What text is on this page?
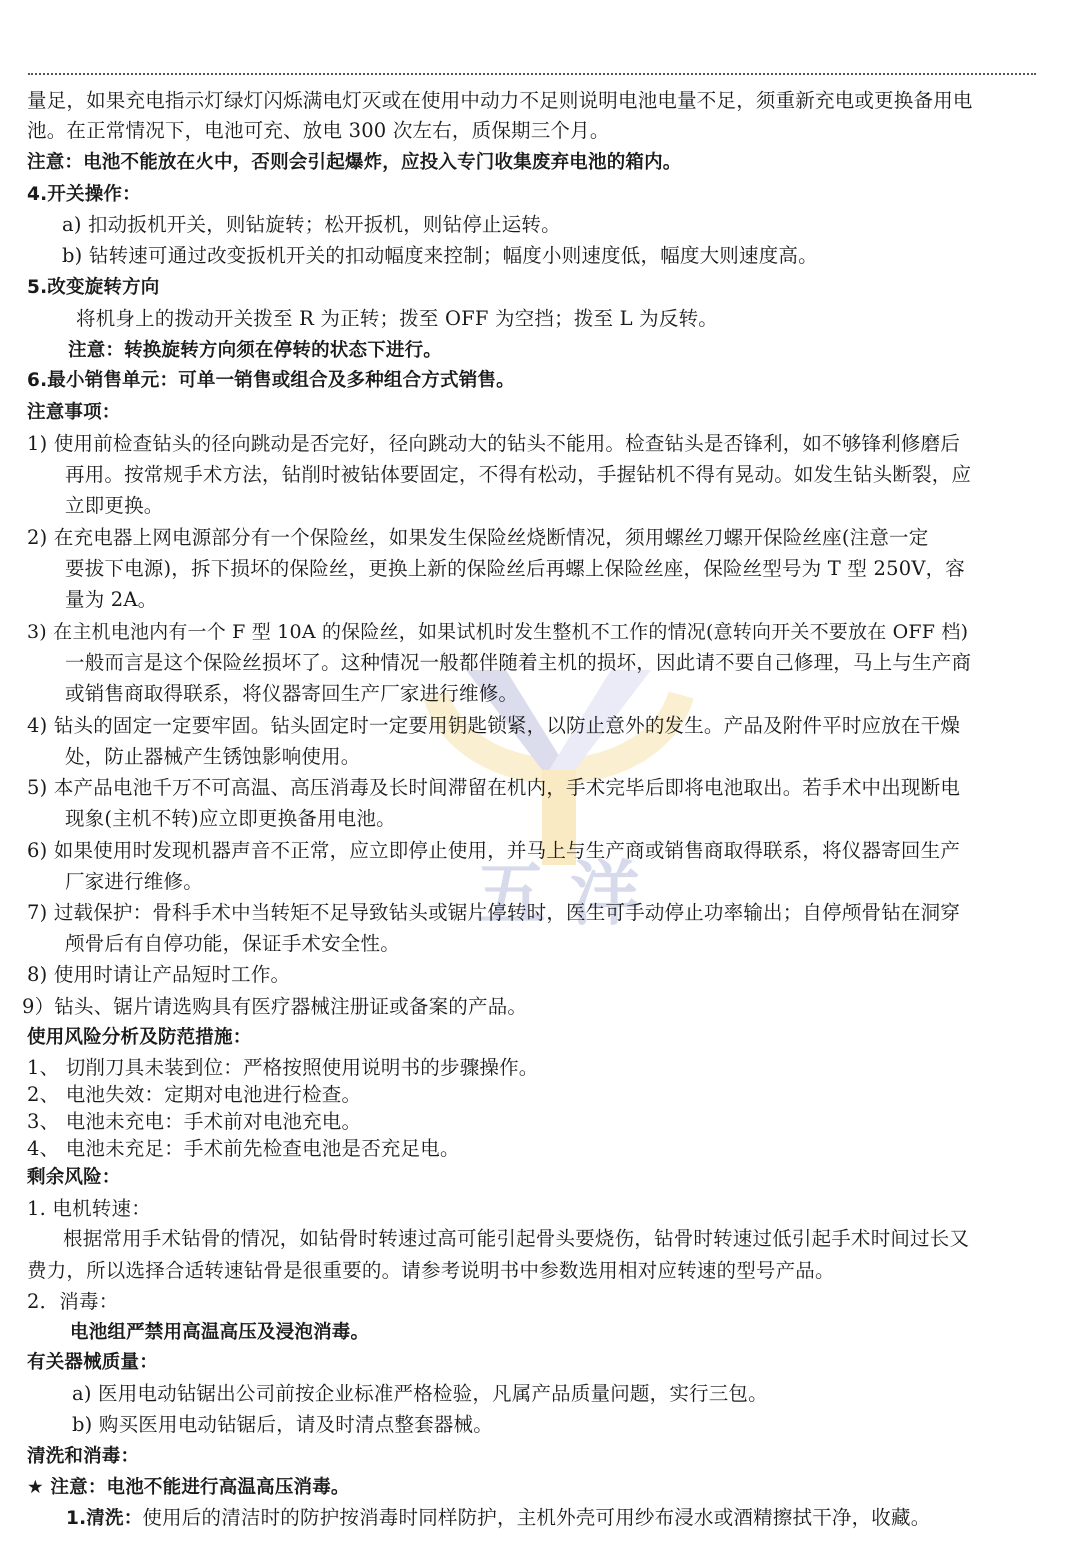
五 洋
量足，如果充电指示灯绿灯闪烁满电灯灭或在使用中动力不足则说明电池电量不足，须重新充电或更换备用电
池。在正常情况下，电池可充、放电 300 次左右，质保期三个月。
注意：电池不能放在火中，否则会引起爆炸，应投入专门收集废弃电池的箱内。
4.开关操作：
a) 扣动扳机开关，则钻旋转；松开扳机，则钻停止运转。
b) 钻转速可通过改变扳机开关的扣动幅度来控制；幅度小则速度低，幅度大则速度高。
5.改变旋转方向
将机身上的拨动开关拨至 R 为正转；拨至 OFF 为空挡；拨至 L 为反转。
注意：转换旋转方向须在停转的状态下进行。
6.最小销售单元：可单一销售或组合及多种组合方式销售。
注意事项：
1) 使用前检查钻头的径向跳动是否完好，径向跳动大的钻头不能用。检查钻头是否锋利，如不够锋利修磨后
再用。按常规手术方法，钻削时被钻体要固定，不得有松动，手握钻机不得有晃动。如发生钻头断裂，应
立即更换。
2) 在充电器上网电源部分有一个保险丝，如果发生保险丝烧断情况，须用螺丝刀螺开保险丝座(注意一定
要拔下电源)，拆下损坏的保险丝，更换上新的保险丝后再螺上保险丝座，保险丝型号为 T 型 250V，容
量为 2A。
3) 在主机电池内有一个 F 型 10A 的保险丝，如果试机时发生整机不工作的情况(意转向开关不要放在 OFF 档)
一般而言是这个保险丝损坏了。这种情况一般都伴随着主机的损坏，因此请不要自己修理，马上与生产商
或销售商取得联系，将仪器寄回生产厂家进行维修。
4) 钻头的固定一定要牢固。钻头固定时一定要用钥匙锁紧，以防止意外的发生。产品及附件平时应放在干燥
处，防止器械产生锈蚀影响使用。
5) 本产品电池千万不可高温、高压消毒及长时间滞留在机内，手术完毕后即将电池取出。若手术中出现断电
现象(主机不转)应立即更换备用电池。
6) 如果使用时发现机器声音不正常，应立即停止使用，并马上与生产商或销售商取得联系，将仪器寄回生产
厂家进行维修。
7) 过载保护：骨科手术中当转矩不足导致钻头或锯片停转时，医生可手动停止功率输出；自停颅骨钻在洞穿
颅骨后有自停功能，保证手术安全性。
8) 使用时请让产品短时工作。
9）钻头、锯片请选购具有医疗器械注册证或备案的产品。
使用风险分析及防范措施：
1、 切削刀具未装到位：严格按照使用说明书的步骤操作。
2、 电池失效：定期对电池进行检查。
3、 电池未充电：手术前对电池充电。
4、 电池未充足：手术前先检查电池是否充足电。
剩余风险：
1. 电机转速：
根据常用手术钻骨的情况，如钻骨时转速过高可能引起骨头要烧伤，钻骨时转速过低引起手术时间过长又
费力，所以选择合适转速钻骨是很重要的。请参考说明书中参数选用相对应转速的型号产品。
2．消毒：
电池组严禁用高温高压及浸泡消毒。
有关器械质量：
a) 医用电动钻锯出公司前按企业标准严格检验，凡属产品质量问题，实行三包。
b) 购买医用电动钻锯后，请及时清点整套器械。
清洗和消毒：
★ 注意：电池不能进行高温高压消毒。
1.清洗：使用后的清洁时的防护按消毒时同样防护，主机外壳可用纱布浸水或酒精擦拭干净，收藏。
